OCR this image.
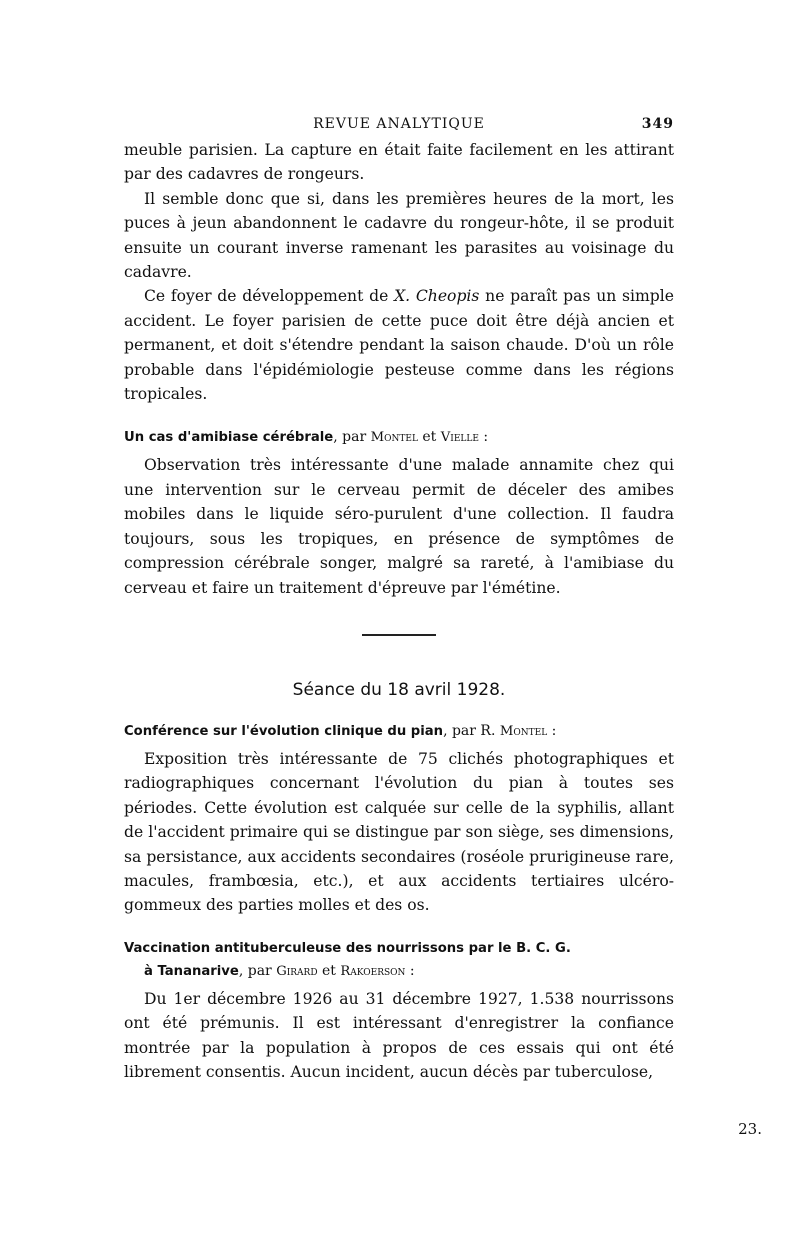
REVUE ANALYTIQUE	349

meuble parisien. La capture en était faite facilement en les attirant par des cadavres de rongeurs.

Il semble donc que si, dans les premières heures de la mort, les puces à jeun abandonnent le cadavre du rongeur-hôte, il se produit ensuite un courant inverse ramenant les parasites au voisinage du cadavre.

Ce foyer de développement de X. Cheopis ne paraît pas un simple accident. Le foyer parisien de cette puce doit être déjà ancien et permanent, et doit s'étendre pendant la saison chaude. D'où un rôle probable dans l'épidémiologie pesteuse comme dans les régions tropicales.

Un cas d'amibiase cérébrale, par Montel et Vielle :

Observation très intéressante d'une malade annamite chez qui une intervention sur le cerveau permit de déceler des amibes mobiles dans le liquide séro-purulent d'une collection. Il faudra toujours, sous les tropiques, en présence de symptômes de compression cérébrale songer, malgré sa rareté, à l'amibiase du cerveau et faire un traitement d'épreuve par l'émétine.

Séance du 18 avril 1928.
Conférence sur l'évolution clinique du pian, par R. Montel :

Exposition très intéressante de 75 clichés photographiques et radiographiques concernant l'évolution du pian à toutes ses périodes. Cette évolution est calquée sur celle de la syphilis, allant de l'accident primaire qui se distingue par son siège, ses dimensions, sa persistance, aux accidents secondaires (roséole prurigineuse rare, macules, frambœsia, etc.), et aux accidents tertiaires ulcéro-gommeux des parties molles et des os.

Vaccination antituberculeuse des nourrissons par le B. C. G.
à Tananarive, par Girard et Rakoerson :

Du 1er décembre 1926 au 31 décembre 1927, 1.538 nourrissons ont été prémunis. Il est intéressant d'enregistrer la confiance montrée par la population à propos de ces essais qui ont été librement consentis. Aucun incident, aucun décès par tuberculose,

23.
